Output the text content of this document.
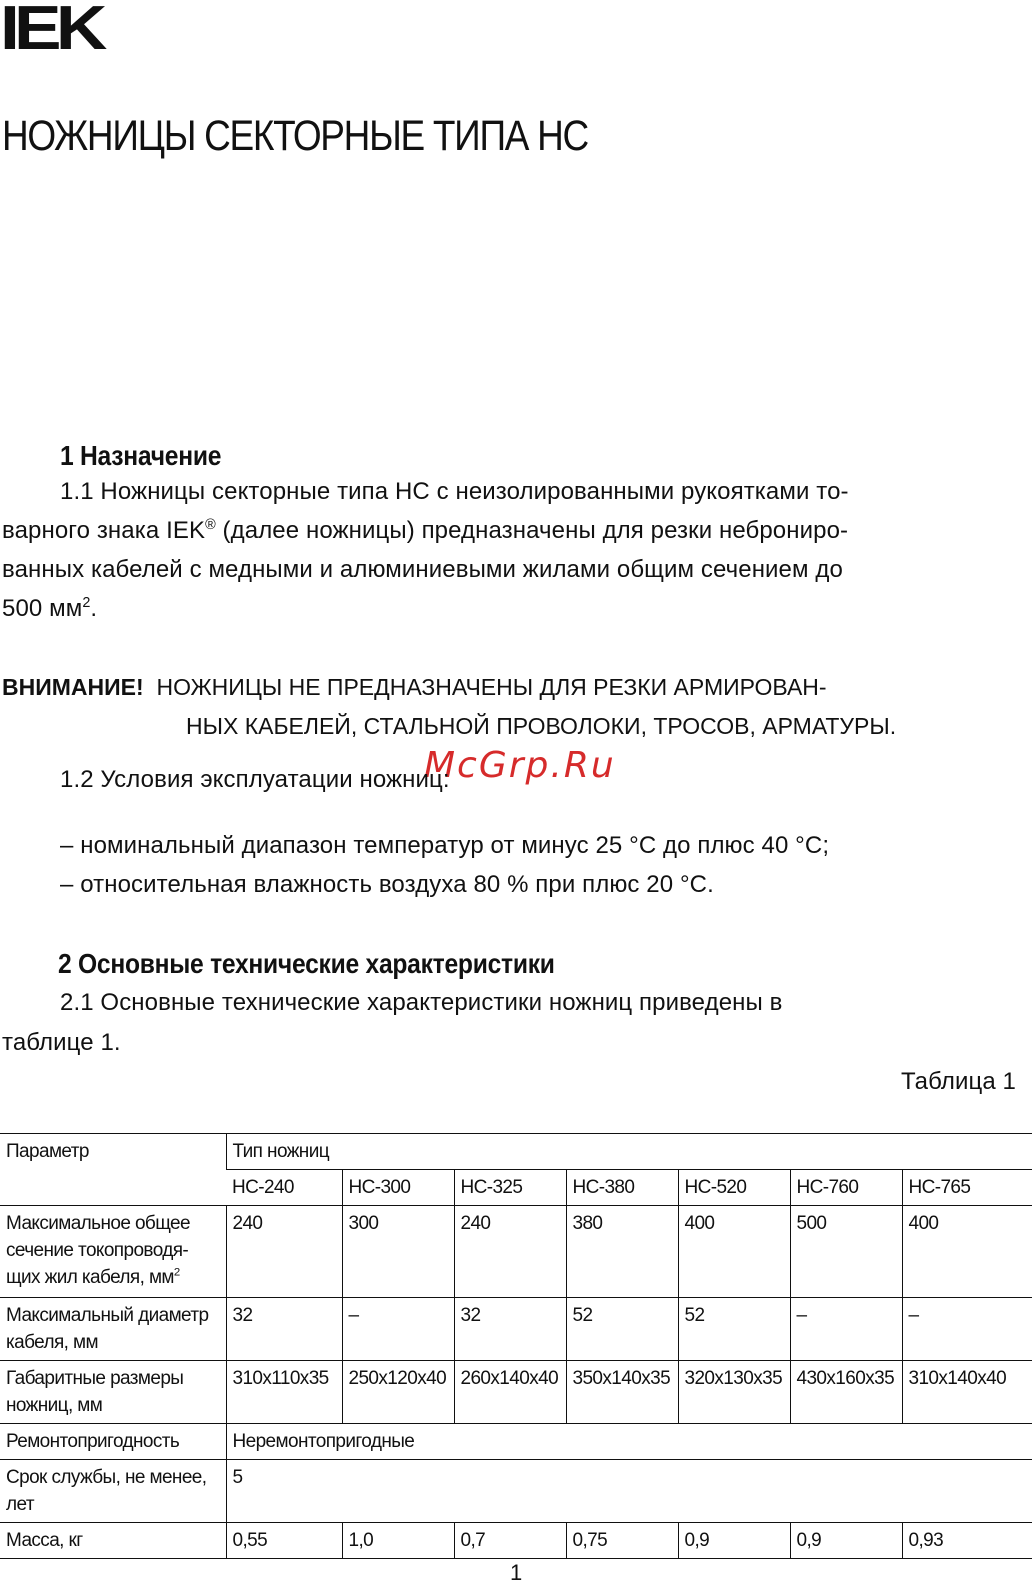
IEK
НОЖНИЦЫ СЕКТОРНЫЕ ТИПА НС
1 Назначение
1.1 Ножницы секторные типа НС с неизолированными рукоятками то-
варного знака IEK® (далее ножницы) предназначены для резки неброниро-
ванных кабелей с медными и алюминиевыми жилами общим сечением до
500 $мм^2$.
ВНИМАНИЕ! НОЖНИЦЫ НЕ ПРЕДНАЗНАЧЕНЫ ДЛЯ РЕЗКИ АРМИРОВАН-
НЫХ КАБЕЛЕЙ, СТАЛЬНОЙ ПРОВОЛОКИ, ТРОСОВ, АРМАТУРЫ.
McGrp.Ru
1.2 Условия эксплуатации ножниц:
– номинальный диапазон температур от минус 25 °С до плюс 40 °С;
– относительная влажность воздуха 80 % при плюс 20 °С.
2 Основные технические характеристики
2.1 Основные технические характеристики ножниц приведены в
таблице 1.
Таблица 1
Параметр	Тип ножниц						
	НС-240	НС-300	НС-325	НС-380	НС-520	НС-760	НС-765
Максимальное общее сечение токопроводя-щих жил кабеля, $мм^2$	240	300	240	380	400	500	400
Максимальный диаметр кабеля, мм	32	–	32	52	52	–	–
Габаритные размеры ножниц, мм	310х110х35	250х120х40	260х140х40	350х140х35	320х130х35	430х160х35	310х140х40
Ремонтопригодность	Неремонтопригодные						
Срок службы, не менее, лет	5						
Масса, кг	0,55	1,0	0,7	0,75	0,9	0,9	0,93
1
